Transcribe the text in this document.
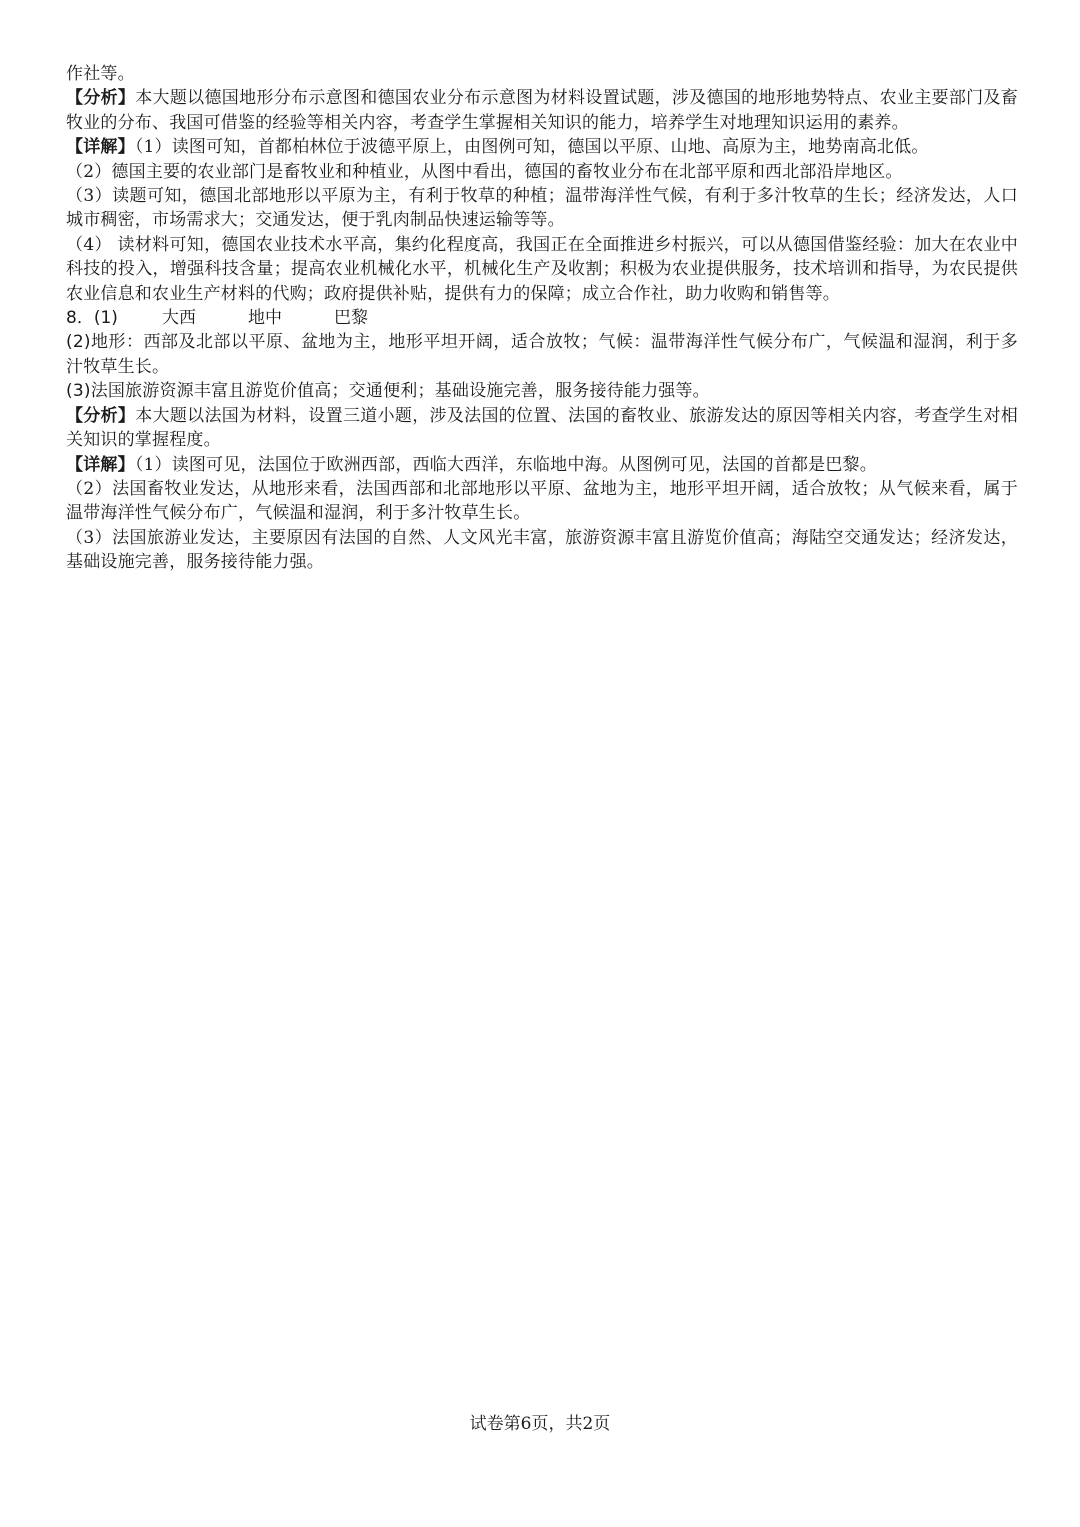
作社等。

【分析】本大题以德国地形分布示意图和德国农业分布示意图为材料设置试题，涉及德国的地形地势特点、农业主要部门及畜牧业的分布、我国可借鉴的经验等相关内容，考查学生掌握相关知识的能力，培养学生对地理知识运用的素养。

【详解】（1）读图可知，首都柏林位于波德平原上，由图例可知，德国以平原、山地、高原为主，地势南高北低。

（2）德国主要的农业部门是畜牧业和种植业，从图中看出，德国的畜牧业分布在北部平原和西北部沿岸地区。

（3）读题可知，德国北部地形以平原为主，有利于牧草的种植；温带海洋性气候，有利于多汁牧草的生长；经济发达，人口城市稠密，市场需求大；交通发达，便于乳肉制品快速运输等等。

（4） 读材料可知，德国农业技术水平高，集约化程度高，我国正在全面推进乡村振兴，可以从德国借鉴经验：加大在农业中科技的投入，增强科技含量；提高农业机械化水平，机械化生产及收割；积极为农业提供服务，技术培训和指导，为农民提供农业信息和农业生产材料的代购；政府提供补贴，提供有力的保障；成立合作社，助力收购和销售等。

8．(1)	大西	地中	巴黎

(2)地形：西部及北部以平原、盆地为主，地形平坦开阔，适合放牧；气候：温带海洋性气候分布广，气候温和湿润，利于多汁牧草生长。

(3)法国旅游资源丰富且游览价值高；交通便利；基础设施完善，服务接待能力强等。

【分析】本大题以法国为材料，设置三道小题，涉及法国的位置、法国的畜牧业、旅游发达的原因等相关内容，考查学生对相关知识的掌握程度。

【详解】（1）读图可见，法国位于欧洲西部，西临大西洋，东临地中海。从图例可见，法国的首都是巴黎。

（2）法国畜牧业发达，从地形来看，法国西部和北部地形以平原、盆地为主，地形平坦开阔，适合放牧；从气候来看，属于温带海洋性气候分布广，气候温和湿润，利于多汁牧草生长。

（3）法国旅游业发达，主要原因有法国的自然、人文风光丰富，旅游资源丰富且游览价值高；海陆空交通发达；经济发达，基础设施完善，服务接待能力强。

试卷第6页，共2页
